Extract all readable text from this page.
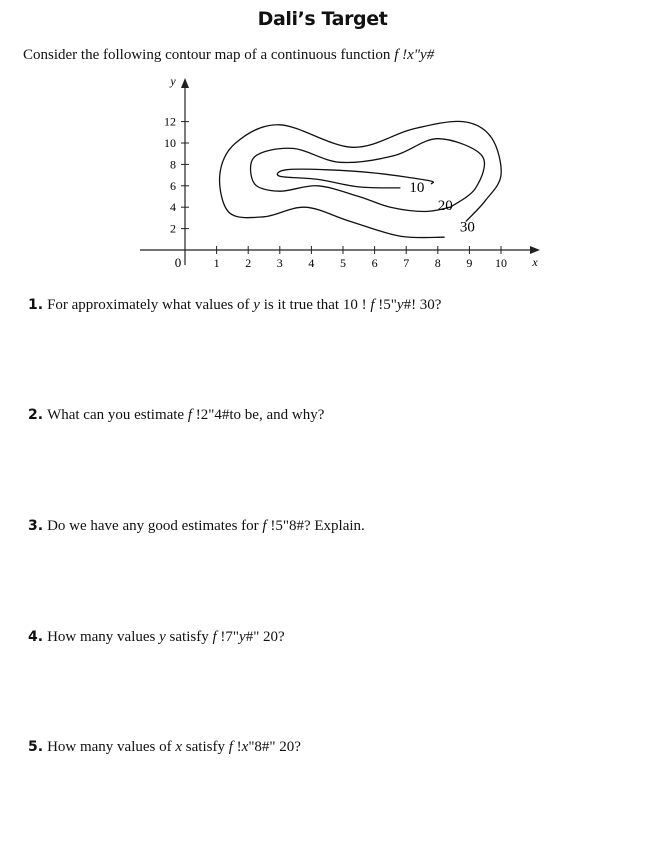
Dali’s Target
Consider the following contour map of a continuous function f !x"y#
x
y
0	1 2 3 4 5 6 7 8 9 10
2
4
6
8
10
12
30
20
10
1. For approximately what values of y is it true that 10 ! f !5"y#! 30?
2. What can you estimate f !2"4#to be, and why?
3. Do we have any good estimates for f !5"8#? Explain.
4. How many values y satisfy f !7"y#" 20?
5. How many values of x satisfy f !x"8#" 20?
